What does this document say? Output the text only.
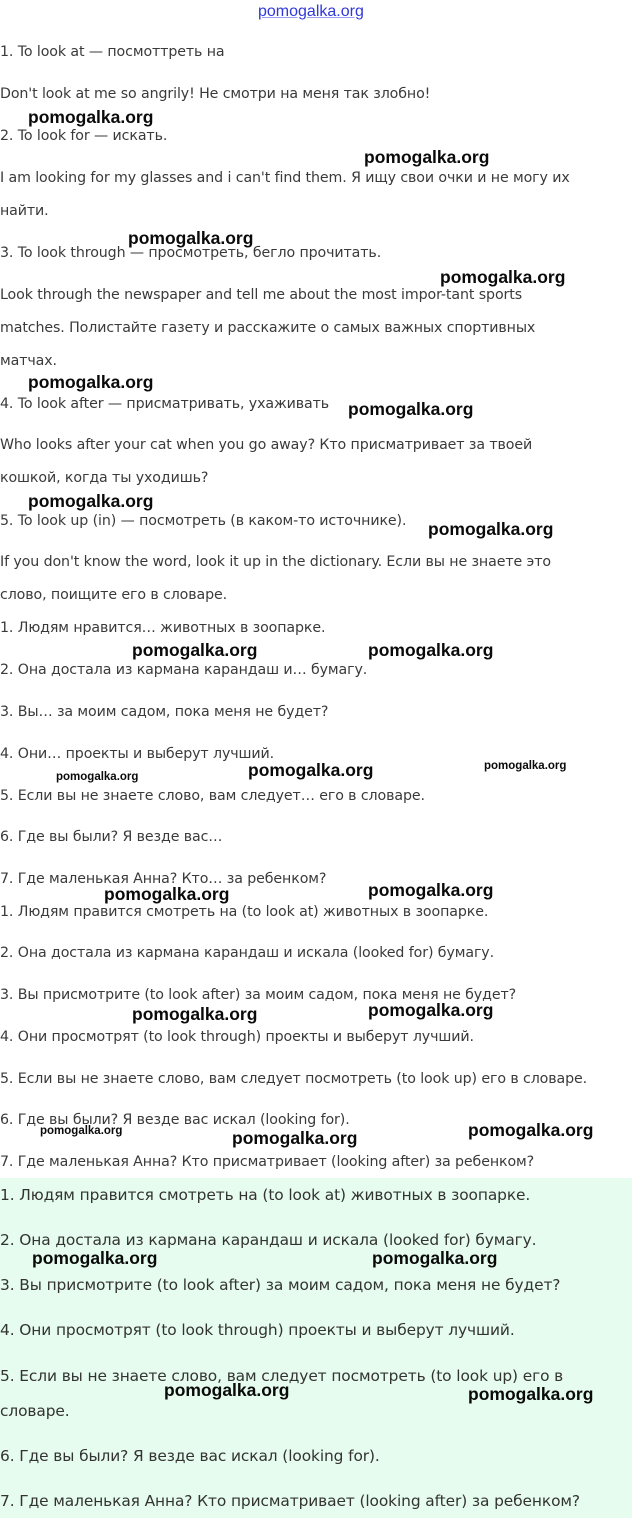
pomogalka.org

1. To look at — посмоттреть на

Don't look at me so angrily! Не смотри на меня так злобно!

2. To look for — искать.

I am looking for my glasses and i can't find them. Я ищу свои очки и не могу их

найти.

3. To look through — просмотреть, бегло прочитать.

Look through the newspaper and tell me about the most impor-tant sports

matches. Полистайте газету и расскажите о самых важных спортивных

матчах.

4. To look after — присматривать, ухаживать

Who looks after your cat when you go away? Кто присматривает за твоей

кошкой, когда ты уходишь?

5. To look up (in) — посмотреть (в каком-то источнике).

If you don't know the word, look it up in the dictionary. Если вы не знаете это

слово, поищите его в словаре.

1. Людям нравится… животных в зоопарке.

2. Она достала из кармана карандаш и… бумагу.

3. Вы… за моим садом, пока меня не будет?

4. Они… проекты и выберут лучший.

5. Если вы не знаете слово, вам следует… его в словаре.

6. Где вы были? Я везде вас…

7. Где маленькая Анна? Кто… за ребенком?

1. Людям правится смотреть на (to look at) животных в зоопарке.

2. Она достала из кармана карандаш и искала (looked for) бумагу.

3. Вы присмотрите (to look after) за моим садом, пока меня не будет?

4. Они просмотрят (to look through) проекты и выберут лучший.

5. Если вы не знаете слово, вам следует посмотреть (to look up) его в словаре.

6. Где вы были? Я везде вас искал (looking for).

7. Где маленькая Анна? Кто присматривает (looking after) за ребенком?

1. Людям правится смотреть на (to look at) животных в зоопарке.

2. Она достала из кармана карандаш и искала (looked for) бумагу.

3. Вы присмотрите (to look after) за моим садом, пока меня не будет?

4. Они просмотрят (to look through) проекты и выберут лучший.

5. Если вы не знаете слово, вам следует посмотреть (to look up) его в

словаре.

6. Где вы были? Я везде вас искал (looking for).

7. Где маленькая Анна? Кто присматривает (looking after) за ребенком?

pomogalka.org
pomogalka.org
pomogalka.org
pomogalka.org
pomogalka.org
pomogalka.org
pomogalka.org
pomogalka.org
pomogalka.org	pomogalka.org
pomogalka.org
pomogalka.org
pomogalka.org
pomogalka.org	pomogalka.org
pomogalka.org	pomogalka.org
pomogalka.org	pomogalka.org	pomogalka.org
pomogalka.org	pomogalka.org
pomogalka.org	pomogalka.org
